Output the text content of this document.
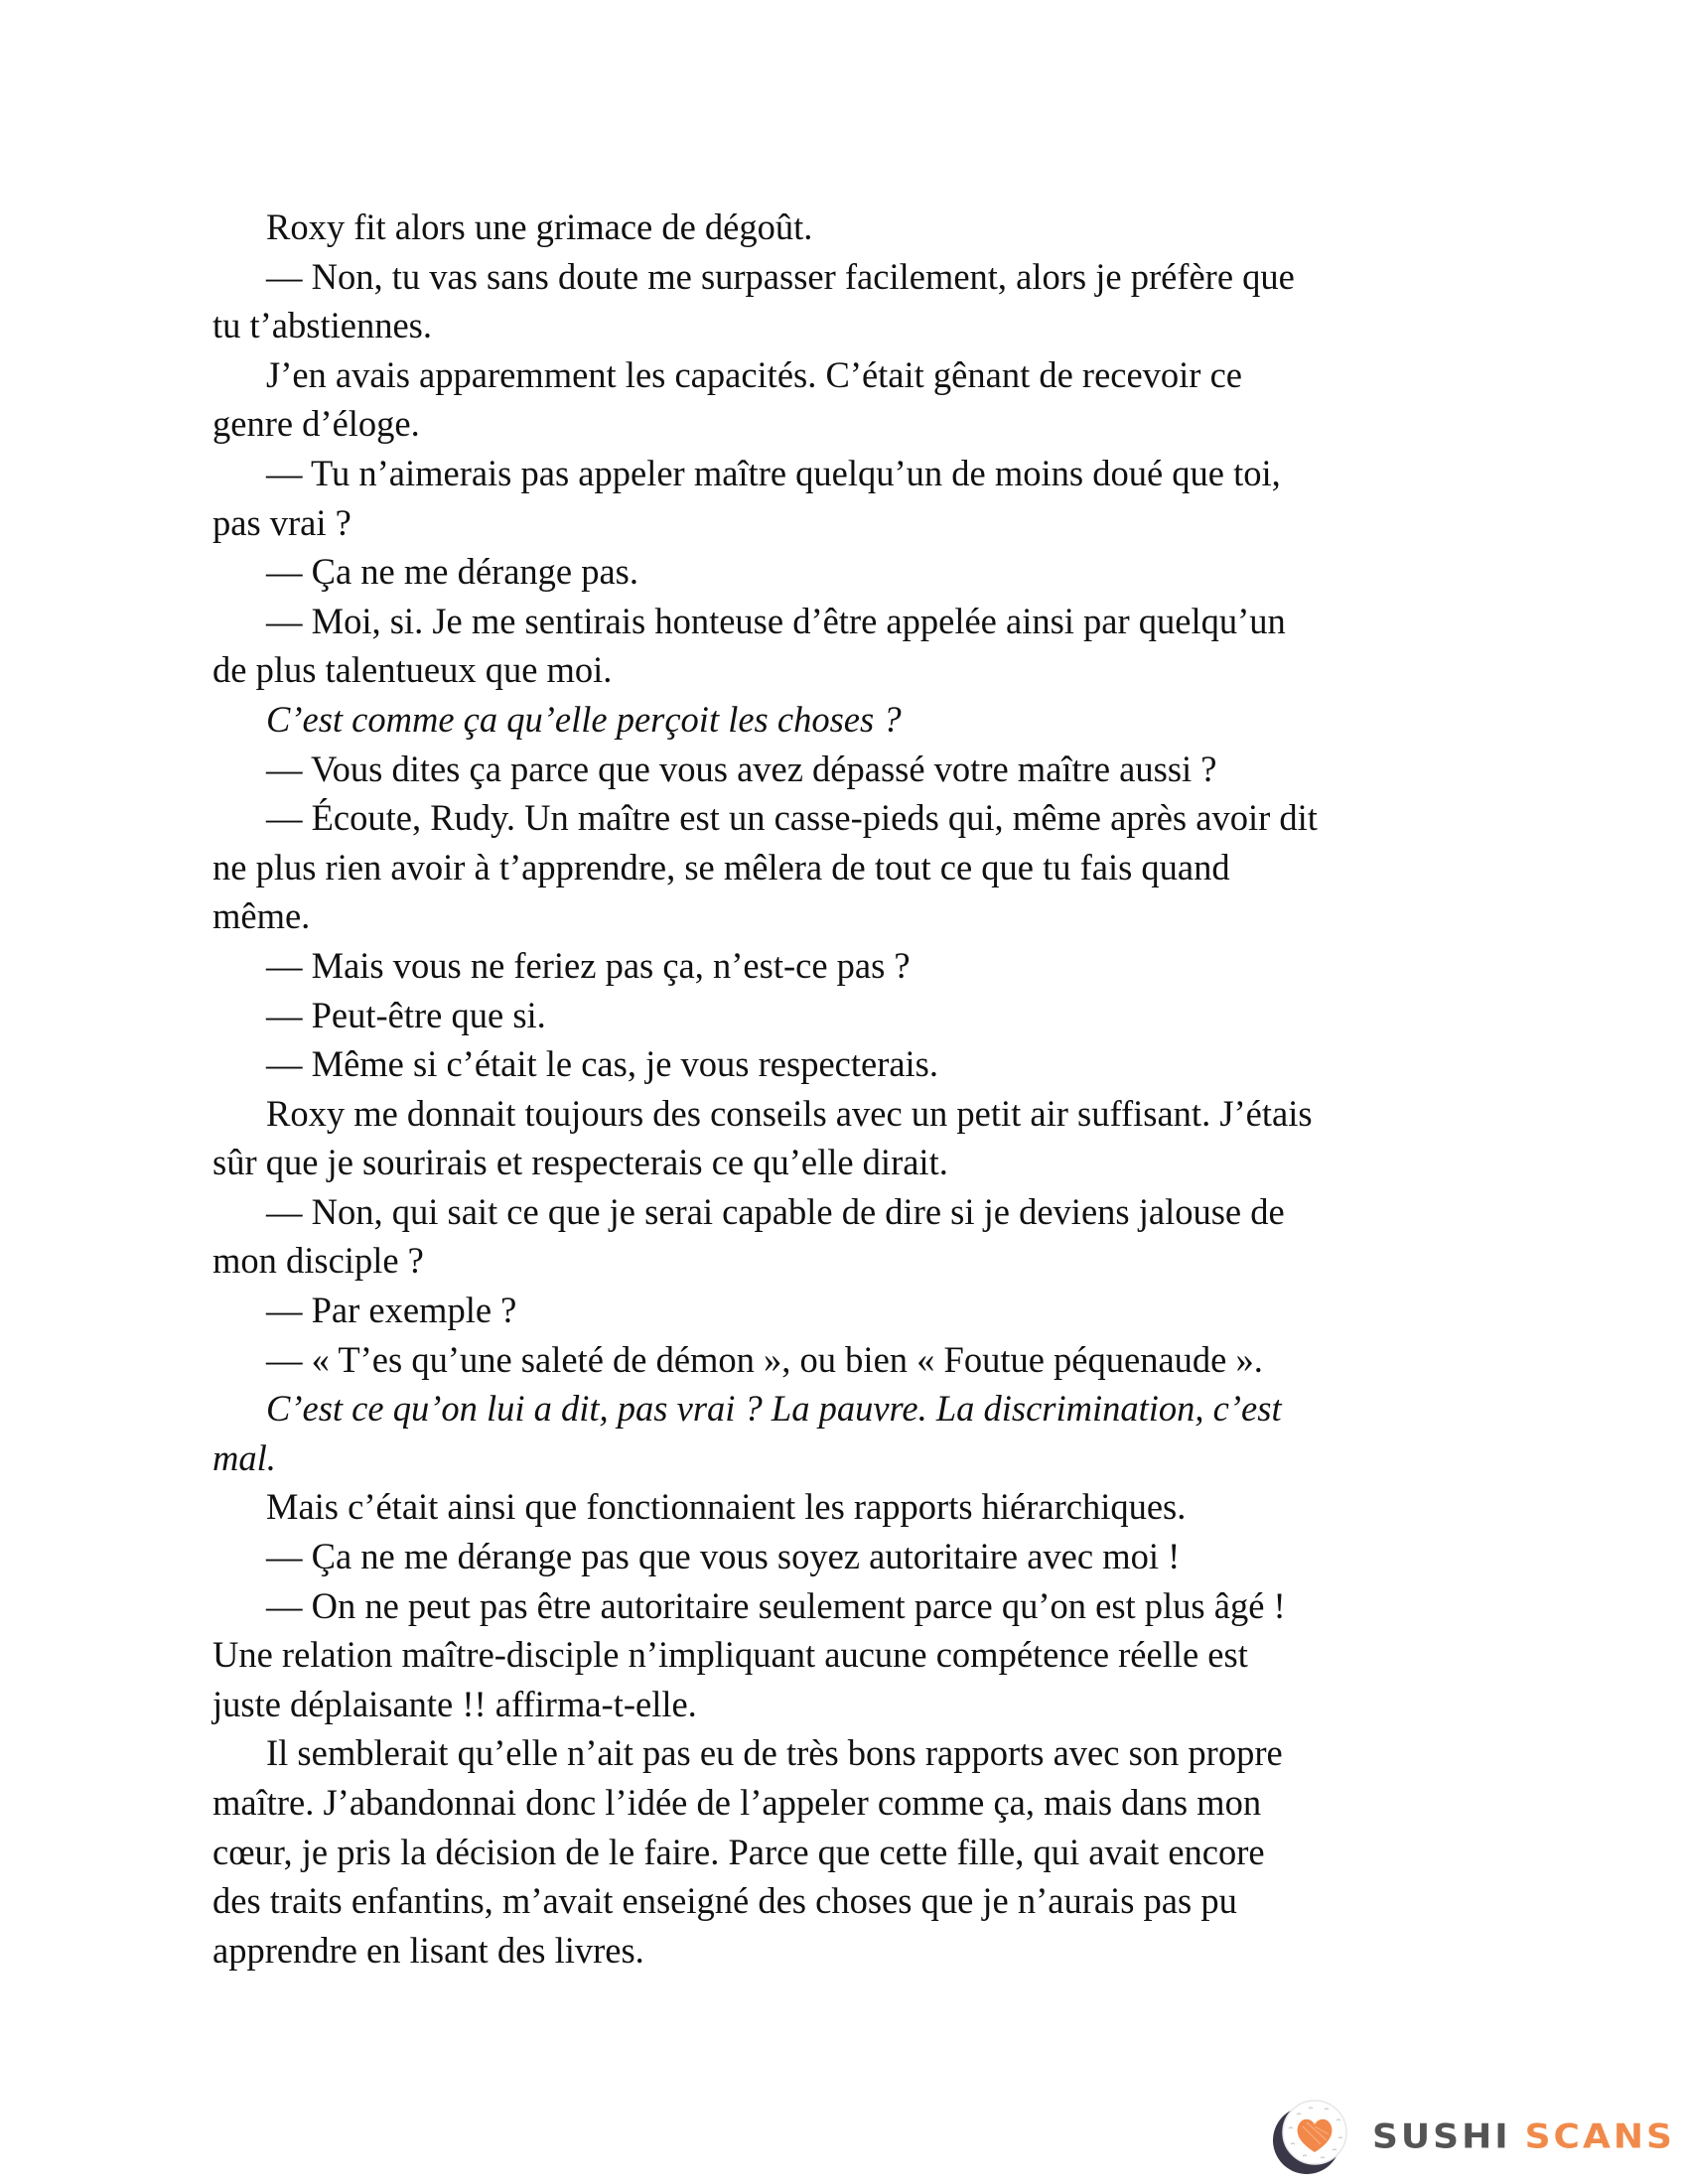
Roxy fit alors une grimace de dégoût.
— Non, tu vas sans doute me surpasser facilement, alors je préfère que
tu t’abstiennes.
J’en avais apparemment les capacités. C’était gênant de recevoir ce
genre d’éloge.
— Tu n’aimerais pas appeler maître quelqu’un de moins doué que toi,
pas vrai ?
— Ça ne me dérange pas.
— Moi, si. Je me sentirais honteuse d’être appelée ainsi par quelqu’un
de plus talentueux que moi.
C’est comme ça qu’elle perçoit les choses ?
— Vous dites ça parce que vous avez dépassé votre maître aussi ?
— Écoute, Rudy. Un maître est un casse-pieds qui, même après avoir dit
ne plus rien avoir à t’apprendre, se mêlera de tout ce que tu fais quand
même.
— Mais vous ne feriez pas ça, n’est-ce pas ?
— Peut-être que si.
— Même si c’était le cas, je vous respecterais.
Roxy me donnait toujours des conseils avec un petit air suffisant. J’étais
sûr que je sourirais et respecterais ce qu’elle dirait.
— Non, qui sait ce que je serai capable de dire si je deviens jalouse de
mon disciple ?
— Par exemple ?
— « T’es qu’une saleté de démon », ou bien « Foutue péquenaude ».
C’est ce qu’on lui a dit, pas vrai ? La pauvre. La discrimination, c’est
mal.
Mais c’était ainsi que fonctionnaient les rapports hiérarchiques.
— Ça ne me dérange pas que vous soyez autoritaire avec moi !
— On ne peut pas être autoritaire seulement parce qu’on est plus âgé !
Une relation maître-disciple n’impliquant aucune compétence réelle est
juste déplaisante !! affirma-t-elle.
Il semblerait qu’elle n’ait pas eu de très bons rapports avec son propre
maître. J’abandonnai donc l’idée de l’appeler comme ça, mais dans mon
cœur, je pris la décision de le faire. Parce que cette fille, qui avait encore
des traits enfantins, m’avait enseigné des choses que je n’aurais pas pu
apprendre en lisant des livres.
SUSHI SCANS
